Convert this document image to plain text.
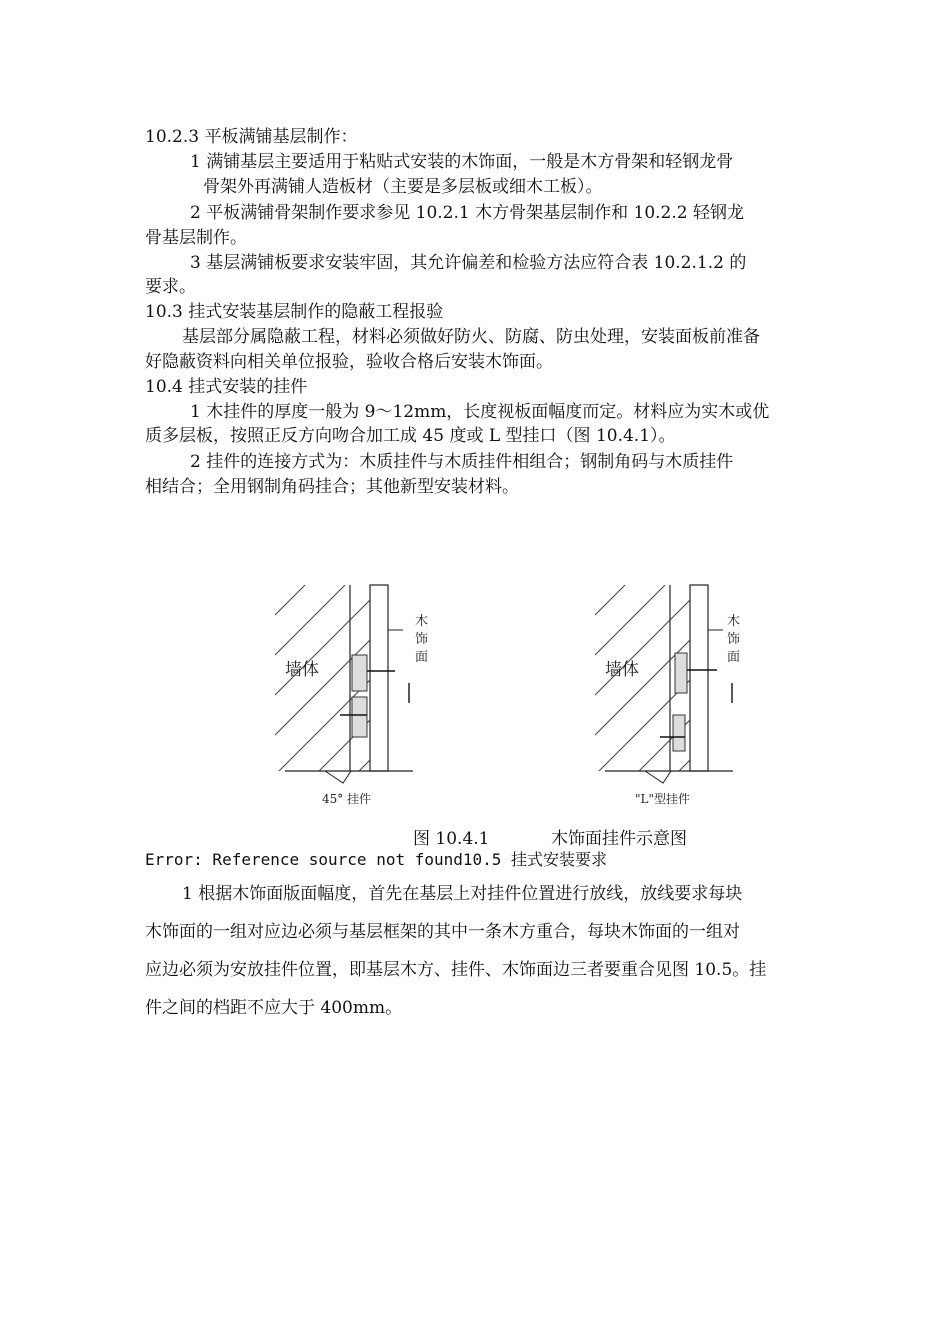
10.2.3 平板满铺基层制作：
1 满铺基层主要适用于粘贴式安装的木饰面，一般是木方骨架和轻钢龙骨
骨架外再满铺人造板材（主要是多层板或细木工板）。
2 平板满铺骨架制作要求参见 10.2.1 木方骨架基层制作和 10.2.2 轻钢龙
骨基层制作。
3 基层满铺板要求安装牢固，其允许偏差和检验方法应符合表 10.2.1.2 的
要求。
10.3 挂式安装基层制作的隐蔽工程报验
基层部分属隐蔽工程，材料必须做好防火、防腐、防虫处理，安装面板前准备
好隐蔽资料向相关单位报验，验收合格后安装木饰面。
10.4 挂式安装的挂件
1 木挂件的厚度一般为 9～12mm，长度视板面幅度而定。材料应为实木或优
质多层板，按照正反方向吻合加工成 45 度或 L 型挂口（图 10.4.1）。
2 挂件的连接方式为：木质挂件与木质挂件相组合；钢制角码与木质挂件
相结合；全用钢制角码挂合；其他新型安装材料。
墙体
木
饰
面
45° 挂件
墙体
木
饰
面
"L"型挂件
图 10.4.1	木饰面挂件示意图
Error: Reference source not found10.5 挂式安装要求
1 根据木饰面版面幅度，首先在基层上对挂件位置进行放线，放线要求每块
木饰面的一组对应边必须与基层框架的其中一条木方重合，每块木饰面的一组对
应边必须为安放挂件位置，即基层木方、挂件、木饰面边三者要重合见图 10.5。挂
件之间的档距不应大于 400mm。
